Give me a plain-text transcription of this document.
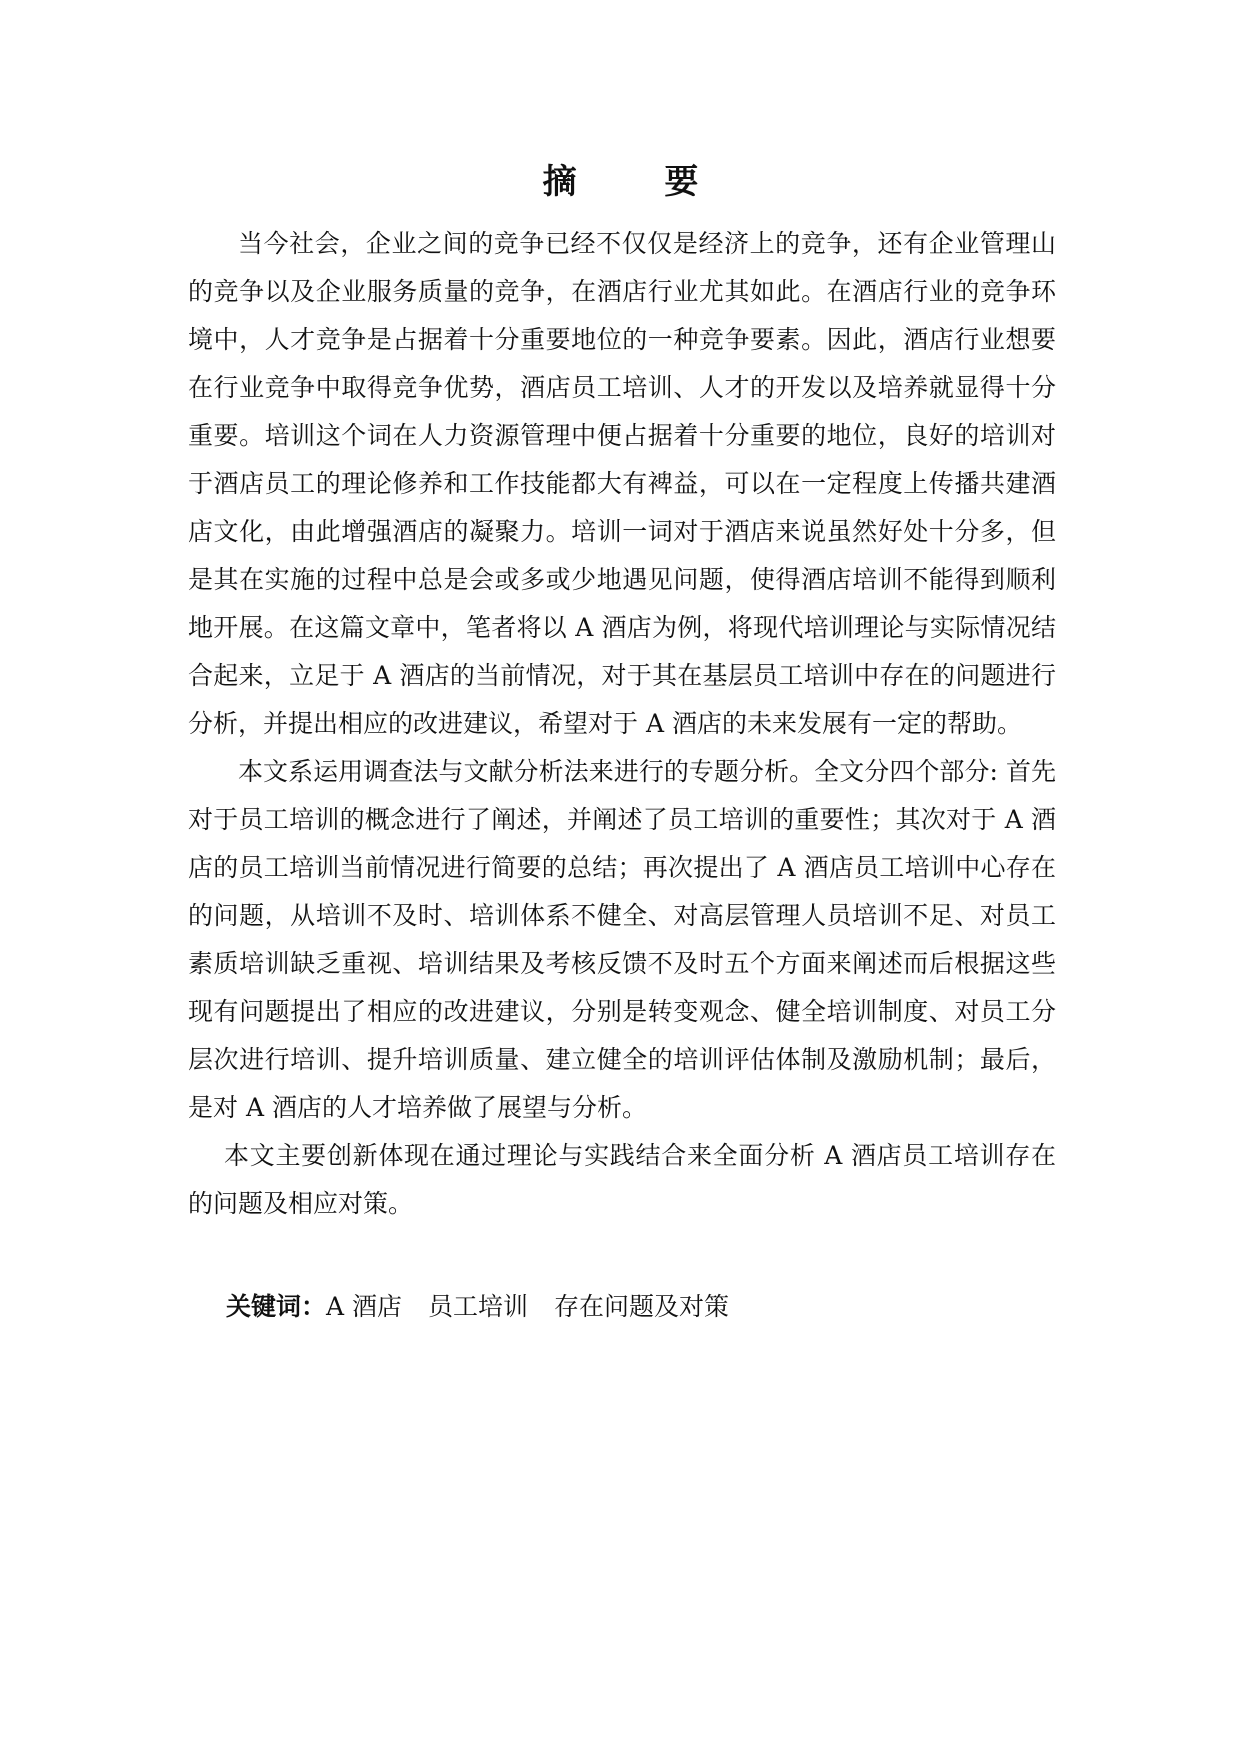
摘 要

当今社会，企业之间的竞争已经不仅仅是经济上的竞争，还有企业管理山的竞争以及企业服务质量的竞争，在酒店行业尤其如此。在酒店行业的竞争环境中，人才竞争是占据着十分重要地位的一种竞争要素。因此，酒店行业想要在行业竞争中取得竞争优势，酒店员工培训、人才的开发以及培养就显得十分重要。培训这个词在人力资源管理中便占据着十分重要的地位，良好的培训对于酒店员工的理论修养和工作技能都大有裨益，可以在一定程度上传播共建酒店文化，由此增强酒店的凝聚力。培训一词对于酒店来说虽然好处十分多，但是其在实施的过程中总是会或多或少地遇见问题，使得酒店培训不能得到顺利地开展。在这篇文章中，笔者将以 A 酒店为例，将现代培训理论与实际情况结合起来，立足于 A 酒店的当前情况，对于其在基层员工培训中存在的问题进行分析，并提出相应的改进建议，希望对于 A 酒店的未来发展有一定的帮助。

本文系运用调查法与文献分析法来进行的专题分析。全文分四个部分: 首先对于员工培训的概念进行了阐述，并阐述了员工培训的重要性；其次对于 A 酒店的员工培训当前情况进行简要的总结；再次提出了 A 酒店员工培训中心存在的问题，从培训不及时、培训体系不健全、对高层管理人员培训不足、对员工素质培训缺乏重视、培训结果及考核反馈不及时五个方面来阐述而后根据这些现有问题提出了相应的改进建议，分别是转变观念、健全培训制度、对员工分层次进行培训、提升培训质量、建立健全的培训评估体制及激励机制；最后，是对 A 酒店的人才培养做了展望与分析。

本文主要创新体现在通过理论与实践结合来全面分析 A 酒店员工培训存在的问题及相应对策。

关键词：A 酒店 员工培训 存在问题及对策
